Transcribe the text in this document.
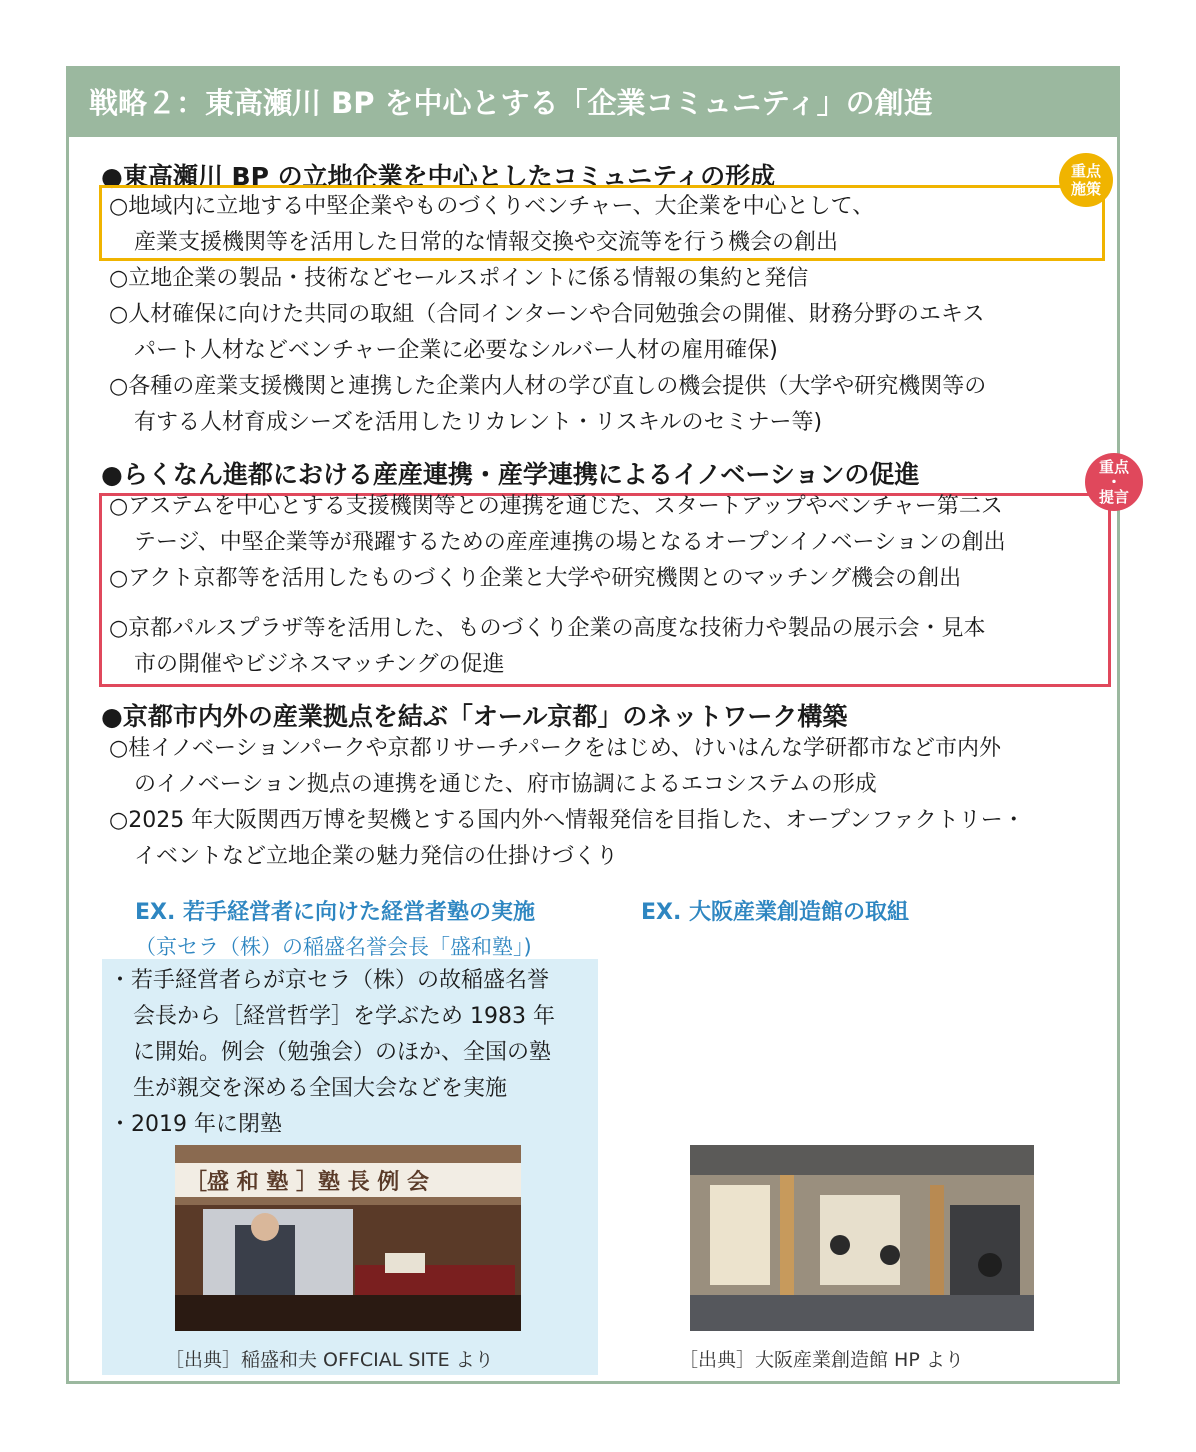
戦略２：東高瀬川 BP を中心とする「企業コミュニティ」の創造
●東高瀬川 BP の立地企業を中心としたコミュニティの形成	重点
施策
○地域内に立地する中堅企業やものづくりベンチャー、大企業を中心として、
産業支援機関等を活用した日常的な情報交換や交流等を行う機会の創出
○立地企業の製品・技術などセールスポイントに係る情報の集約と発信
○人材確保に向けた共同の取組（合同インターンや合同勉強会の開催、財務分野のエキス
パート人材などベンチャー企業に必要なシルバー人材の雇用確保)
○各種の産業支援機関と連携した企業内人材の学び直しの機会提供（大学や研究機関等の
有する人材育成シーズを活用したリカレント・リスキルのセミナー等)
●らくなん進都における産産連携・産学連携によるイノベーションの促進	重点
・
提言
○アステムを中心とする支援機関等との連携を通じた、スタートアップやベンチャー第二ス
テージ、中堅企業等が飛躍するための産産連携の場となるオープンイノベーションの創出
○アクト京都等を活用したものづくり企業と大学や研究機関とのマッチング機会の創出
○京都パルスプラザ等を活用した、ものづくり企業の高度な技術力や製品の展示会・見本
市の開催やビジネスマッチングの促進
●京都市内外の産業拠点を結ぶ「オール京都」のネットワーク構築
○桂イノベーションパークや京都リサーチパークをはじめ、けいはんな学研都市など市内外
のイノベーション拠点の連携を通じた、府市協調によるエコシステムの形成
○2025 年大阪関西万博を契機とする国内外へ情報発信を目指した、オープンファクトリー・
イベントなど立地企業の魅力発信の仕掛けづくり
EX. 若手経営者に向けた経営者塾の実施
（京セラ（株）の稲盛名誉会長「盛和塾」)
・若手経営者らが京セラ（株）の故稲盛名誉
会長から［経営哲学］を学ぶため 1983 年
に開始。例会（勉強会）のほか、全国の塾
生が親交を深める全国大会などを実施
・2019 年に閉塾
［盛 和 塾 ］塾 長 例 会
［出典］稲盛和夫 OFFCIAL SITE より
EX. 大阪産業創造館の取組
［出典］大阪産業創造館 HP より
